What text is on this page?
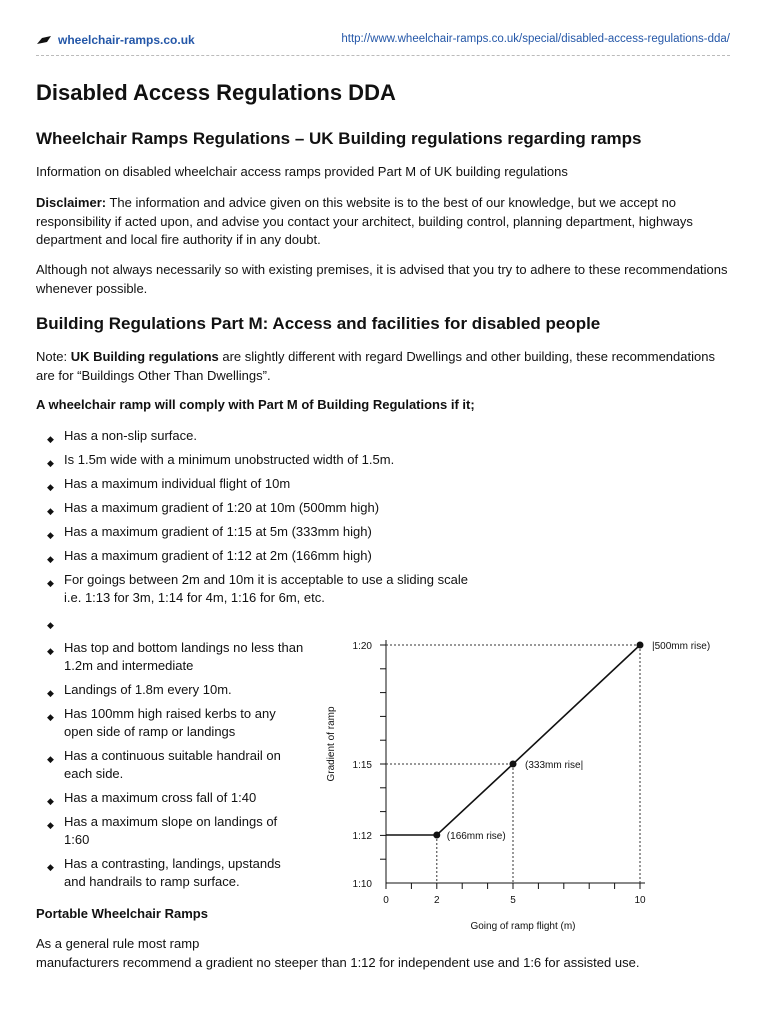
wheelchair-ramps.co.uk	http://www.wheelchair-ramps.co.uk/special/disabled-access-regulations-dda/
Disabled Access Regulations DDA
Wheelchair Ramps Regulations – UK Building regulations regarding ramps

Information on disabled wheelchair access ramps provided Part M of UK building regulations

Disclaimer: The information and advice given on this website is to the best of our knowledge, but we accept no responsibility if acted upon, and advise you contact your architect, building control, planning department, highways department and local fire authority if in any doubt.

Although not always necessarily so with existing premises, it is advised that you try to adhere to these recommendations whenever possible.

Building Regulations Part M: Access and facilities for disabled people

Note: UK Building regulations are slightly different with regard Dwellings and other building, these recommendations are for “Buildings Other Than Dwellings”.

A wheelchair ramp will comply with Part M of Building Regulations if it;

◆ Has a non-slip surface.
◆ Is 1.5m wide with a minimum unobstructed width of 1.5m.
◆ Has a maximum individual flight of 10m
◆ Has a maximum gradient of 1:20 at 10m (500mm high)
◆ Has a maximum gradient of 1:15 at 5m (333mm high)
◆ Has a maximum gradient of 1:12 at 2m (166mm high)
◆ For goings between 2m and 10m it is acceptable to use a sliding scale
i.e. 1:13 for 3m, 1:14 for 4m, 1:16 for 6m, etc.
◆

◆ Has top and bottom landings no less than 1.2m and intermediate
◆ Landings of 1.8m every 10m.
◆ Has 100mm high raised kerbs to any open side of ramp or landings
◆ Has a continuous suitable handrail on each side.
◆ Has a maximum cross fall of 1:40
◆ Has a maximum slope on landings of 1:60
◆ Has a contrasting, landings, upstands and handrails to ramp surface.

Portable Wheelchair Ramps

As a general rule most ramp

manufacturers recommend a gradient no steeper than 1:12 for independent use and 1:6 for assisted use.

1:10
1:12
1:15
1:20
0	2	5	10
Going of ramp flight (m)
Gradient of ramp
(166mm rise)
(333mm rise|
|500mm rise)
